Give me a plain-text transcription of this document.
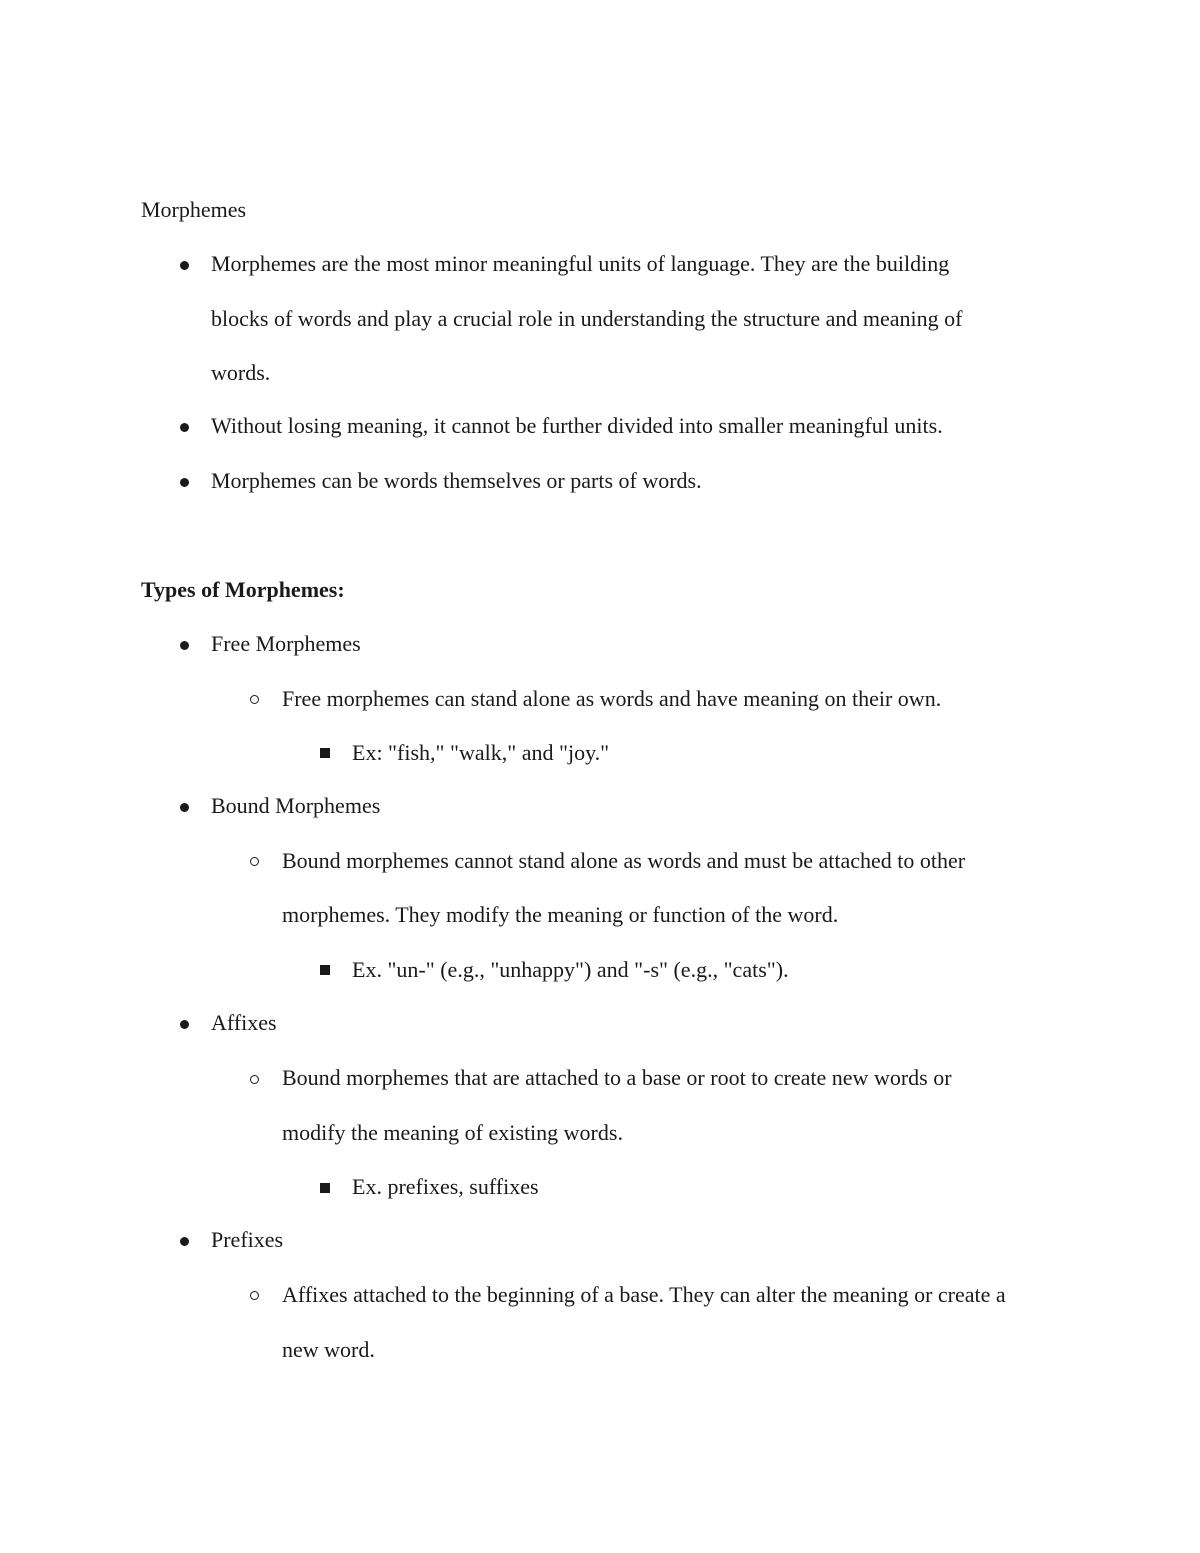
Morphemes
Morphemes are the most minor meaningful units of language. They are the building
blocks of words and play a crucial role in understanding the structure and meaning of
words.
Without losing meaning, it cannot be further divided into smaller meaningful units.
Morphemes can be words themselves or parts of words.
Types of Morphemes:
Free Morphemes
Free morphemes can stand alone as words and have meaning on their own.
Ex: "fish," "walk," and "joy."
Bound Morphemes
Bound morphemes cannot stand alone as words and must be attached to other
morphemes. They modify the meaning or function of the word.
Ex. "un-" (e.g., "unhappy") and "-s" (e.g., "cats").
Affixes
Bound morphemes that are attached to a base or root to create new words or
modify the meaning of existing words.
Ex. prefixes, suffixes
Prefixes
Affixes attached to the beginning of a base. They can alter the meaning or create a
new word.
